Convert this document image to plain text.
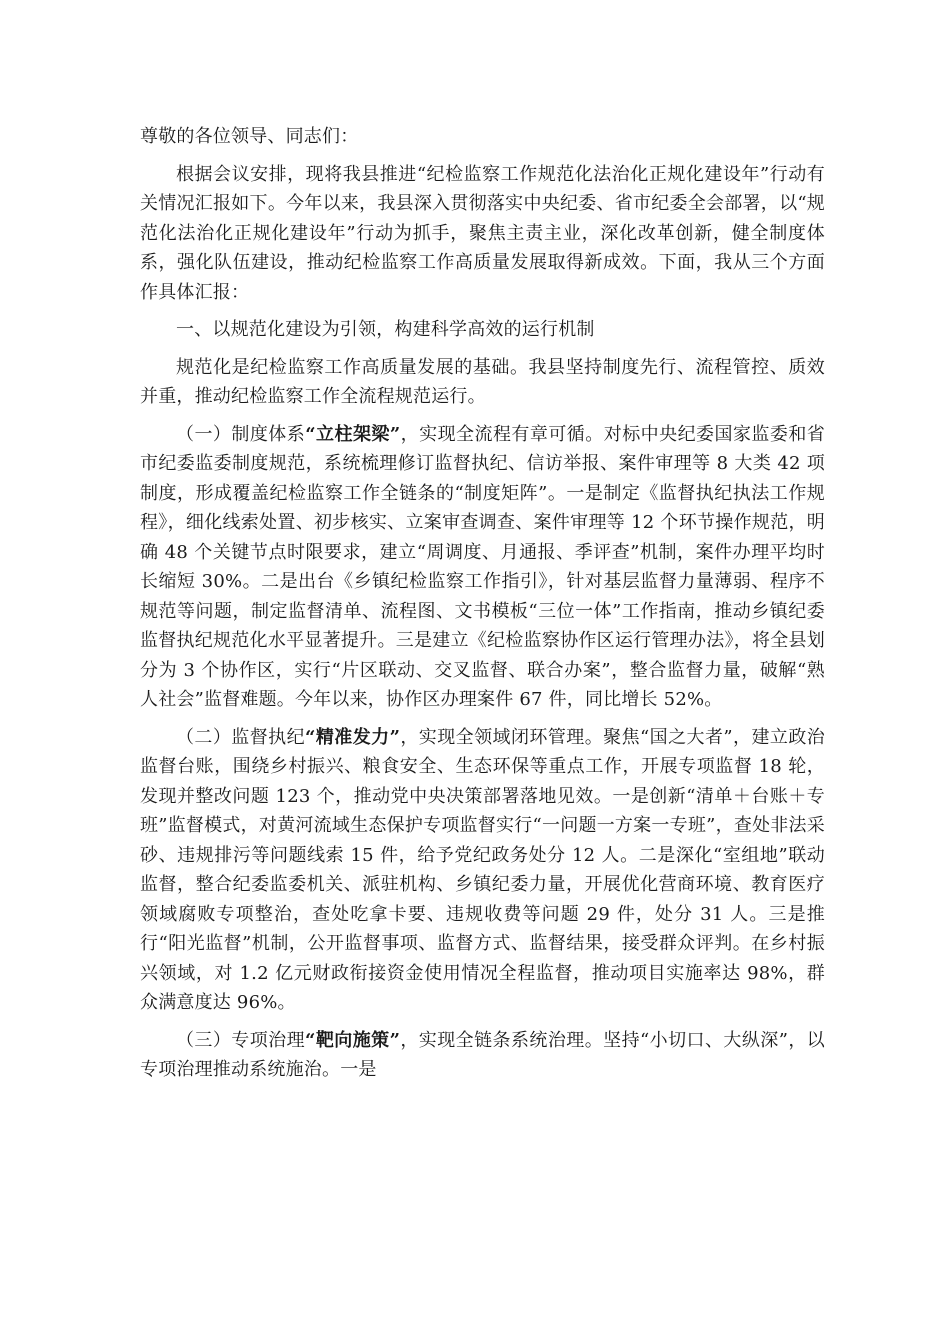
尊敬的各位领导、同志们：

根据会议安排，现将我县推进“纪检监察工作规范化法治化正规化建设年”行动有关情况汇报如下。今年以来，我县深入贯彻落实中央纪委、省市纪委全会部署，以“规范化法治化正规化建设年”行动为抓手，聚焦主责主业，深化改革创新，健全制度体系，强化队伍建设，推动纪检监察工作高质量发展取得新成效。下面，我从三个方面作具体汇报：

一、以规范化建设为引领，构建科学高效的运行机制

规范化是纪检监察工作高质量发展的基础。我县坚持制度先行、流程管控、质效并重，推动纪检监察工作全流程规范运行。

（一）制度体系“立柱架梁”，实现全流程有章可循。对标中央纪委国家监委和省市纪委监委制度规范，系统梳理修订监督执纪、信访举报、案件审理等 8 大类 42 项制度，形成覆盖纪检监察工作全链条的“制度矩阵”。一是制定《监督执纪执法工作规程》，细化线索处置、初步核实、立案审查调查、案件审理等 12 个环节操作规范，明确 48 个关键节点时限要求，建立“周调度、月通报、季评查”机制，案件办理平均时长缩短 30%。二是出台《乡镇纪检监察工作指引》，针对基层监督力量薄弱、程序不规范等问题，制定监督清单、流程图、文书模板“三位一体”工作指南，推动乡镇纪委监督执纪规范化水平显著提升。三是建立《纪检监察协作区运行管理办法》，将全县划分为 3 个协作区，实行“片区联动、交叉监督、联合办案”，整合监督力量，破解“熟人社会”监督难题。今年以来，协作区办理案件 67 件，同比增长 52%。

（二）监督执纪“精准发力”，实现全领域闭环管理。聚焦“国之大者”，建立政治监督台账，围绕乡村振兴、粮食安全、生态环保等重点工作，开展专项监督 18 轮，发现并整改问题 123 个，推动党中央决策部署落地见效。一是创新“清单＋台账＋专班”监督模式，对黄河流域生态保护专项监督实行“一问题一方案一专班”，查处非法采砂、违规排污等问题线索 15 件，给予党纪政务处分 12 人。二是深化“室组地”联动监督，整合纪委监委机关、派驻机构、乡镇纪委力量，开展优化营商环境、教育医疗领域腐败专项整治，查处吃拿卡要、违规收费等问题 29 件，处分 31 人。三是推行“阳光监督”机制，公开监督事项、监督方式、监督结果，接受群众评判。在乡村振兴领域，对 1.2 亿元财政衔接资金使用情况全程监督，推动项目实施率达 98%，群众满意度达 96%。

（三）专项治理“靶向施策”，实现全链条系统治理。坚持“小切口、大纵深”，以专项治理推动系统施治。一是
